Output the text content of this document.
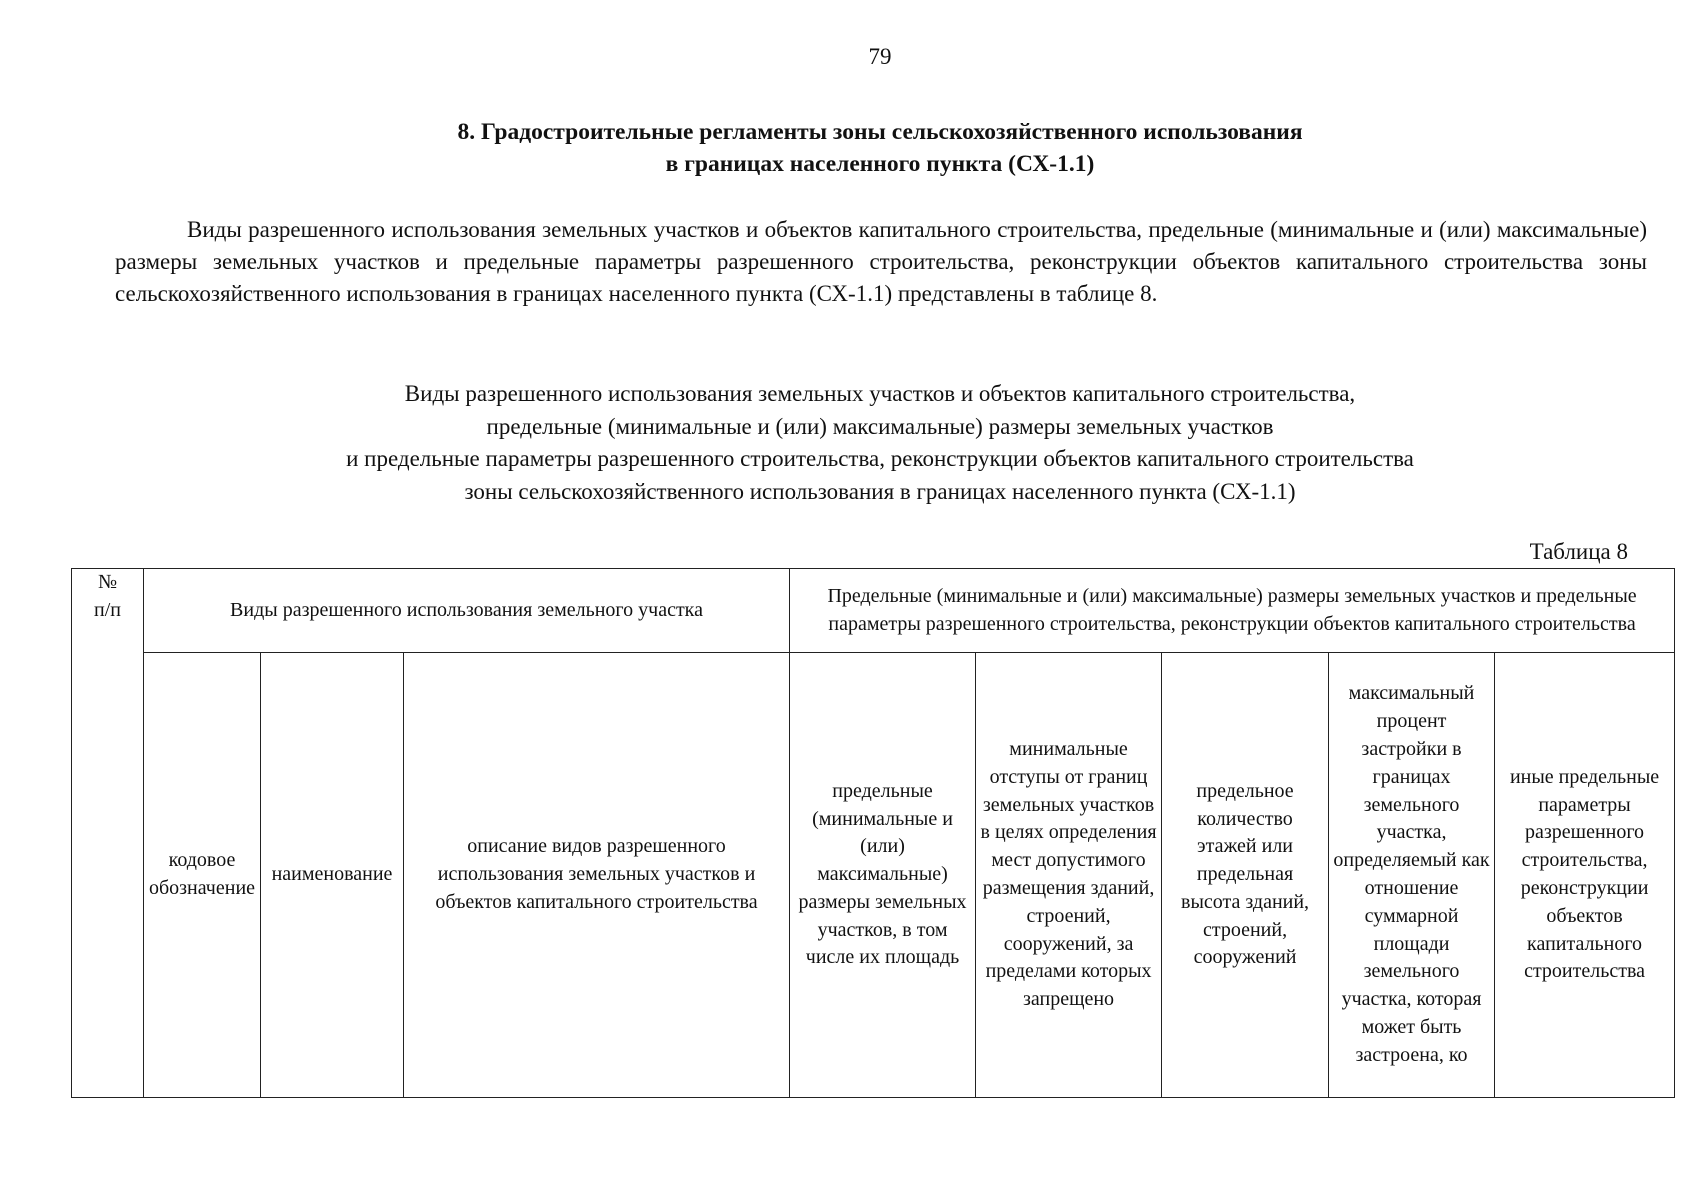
79
8. Градостроительные регламенты зоны сельскохозяйственного использования
в границах населенного пункта (СХ-1.1)

Виды разрешенного использования земельных участков и объектов капитального строительства, предельные (минимальные и (или) максимальные) размеры земельных участков и предельные параметры разрешенного строительства, реконструкции объектов капитального строительства зоны сельскохозяйственного использования в границах населенного пункта (СХ-1.1) представлены в таблице 8.

Виды разрешенного использования земельных участков и объектов капитального строительства,
предельные (минимальные и (или) максимальные) размеры земельных участков
и предельные параметры разрешенного строительства, реконструкции объектов капитального строительства
зоны сельскохозяйственного использования в границах населенного пункта (СХ-1.1)
Таблица 8
№
п/п	Виды разрешенного использования земельного участка			Предельные (минимальные и (или) максимальные) размеры земельных участков и предельные параметры разрешенного строительства, реконструкции объектов капитального строительства				
	кодовое обозначение	наименование	описание видов разрешенного использования земельных участков и объектов капитального строительства	предельные (минимальные и (или) максимальные) размеры земельных участков, в том числе их площадь	минимальные отступы от границ земельных участков в целях определения мест допустимого размещения зданий, строений, сооружений, за пределами которых запрещено	предельное количество этажей или предельная высота зданий, строений, сооружений	максимальный процент застройки в границах земельного участка, определяемый как отношение суммарной площади земельного участка, которая может быть застроена, ко	иные предельные параметры разрешенного строительства, реконструкции объектов капитального строительства
